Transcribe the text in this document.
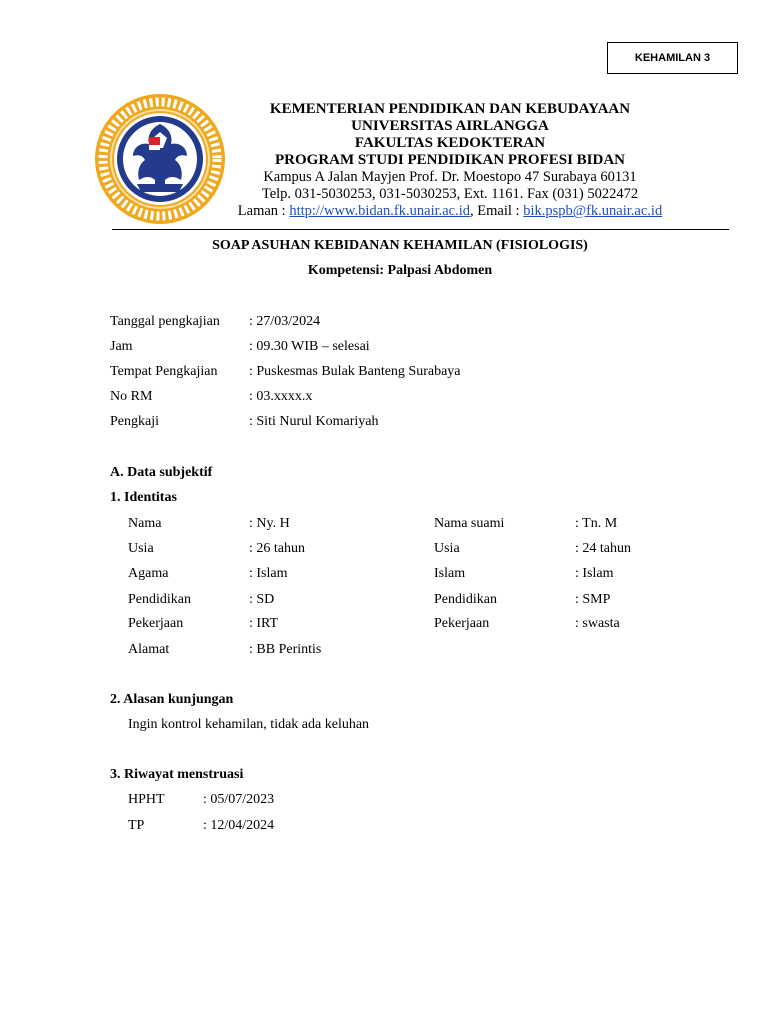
KEHAMILAN 3
KEMENTERIAN PENDIDIKAN DAN KEBUDAYAAN
UNIVERSITAS AIRLANGGA
FAKULTAS KEDOKTERAN
PROGRAM STUDI PENDIDIKAN PROFESI BIDAN
Kampus A Jalan Mayjen Prof. Dr. Moestopo 47 Surabaya 60131
Telp. 031-5030253, 031-5030253, Ext. 1161. Fax (031) 5022472
Laman : http://www.bidan.fk.unair.ac.id, Email : bik.pspb@fk.unair.ac.id
SOAP ASUHAN KEBIDANAN KEHAMILAN (FISIOLOGIS)
Kompetensi: Palpasi Abdomen
Tanggal pengkajian : 27/03/2024
Jam	: 09.30 WIB – selesai
Tempat Pengkajian : Puskesmas Bulak Banteng Surabaya
No RM	: 03.xxxx.x
Pengkaji	: Siti Nurul Komariyah
A. Data subjektif
1. Identitas
Nama	: Ny. H	Nama suami	: Tn. M
Usia	: 26 tahun	Usia	: 24 tahun
Agama	: Islam	Islam	: Islam
Pendidikan	: SD	Pendidikan	: SMP
Pekerjaan	: IRT	Pekerjaan	: swasta
Alamat	: BB Perintis
2. Alasan kunjungan
Ingin kontrol kehamilan, tidak ada keluhan
3. Riwayat menstruasi
HPHT	: 05/07/2023
TP	: 12/04/2024
